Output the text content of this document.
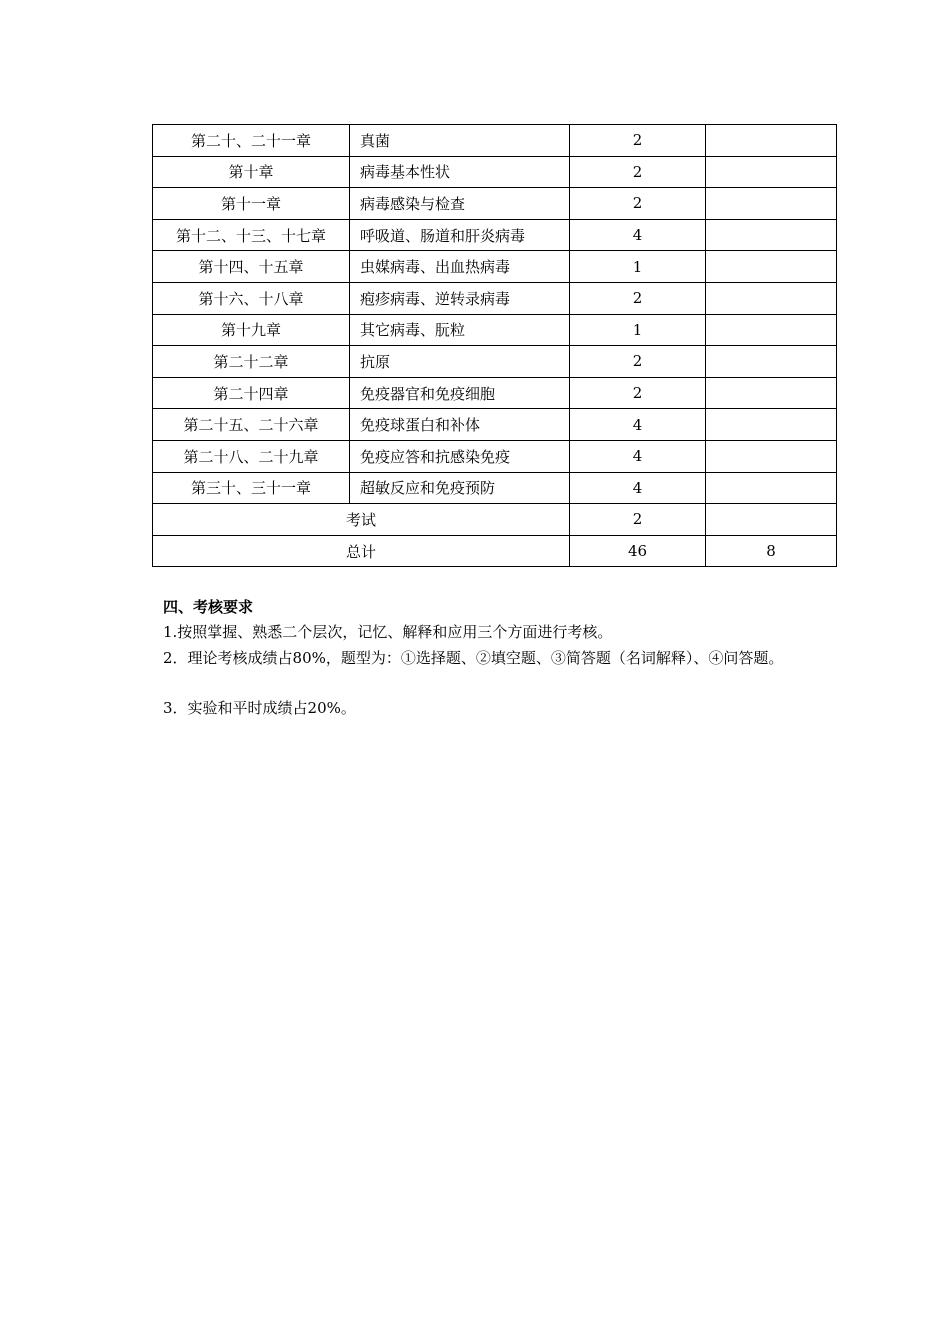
第二十、二十一章	真菌	2	
第十章	病毒基本性状	2	
第十一章	病毒感染与检查	2	
第十二、十三、十七章	呼吸道、肠道和肝炎病毒	4	
第十四、十五章	虫媒病毒、出血热病毒	1	
第十六、十八章	疱疹病毒、逆转录病毒	2	
第十九章	其它病毒、朊粒	1	
第二十二章	抗原	2	
第二十四章	免疫器官和免疫细胞	2	
第二十五、二十六章	免疫球蛋白和补体	4	
第二十八、二十九章	免疫应答和抗感染免疫	4	
第三十、三十一章	超敏反应和免疫预防	4	
考试		2	
总计		46	8
四、考核要求
1.按照掌握、熟悉二个层次，记忆、解释和应用三个方面进行考核。
2．理论考核成绩占80%，题型为：①选择题、②填空题、③简答题（名词解释）、④问答题。
3．实验和平时成绩占20%。
